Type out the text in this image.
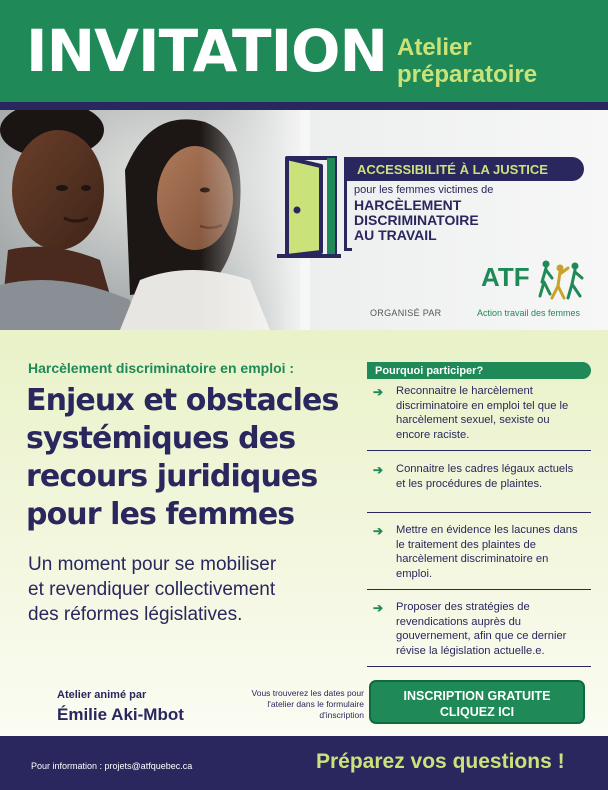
INVITATION Atelier
préparatoire
ACCESSIBILITÉ À LA JUSTICE
pour les femmes victimes de
HARCÈLEMENT
DISCRIMINATOIRE
AU TRAVAIL
ORGANISÉ PAR
ATF
Action travail des femmes
Harcèlement discriminatoire en emploi :
Enjeux et obstacles
systémiques des
recours juridiques
pour les femmes
Un moment pour se mobiliser
et revendiquer collectivement
des réformes législatives.
Pourquoi participer?
➔ Reconnaitre le harcèlement discriminatoire en emploi tel que le harcèlement sexuel, sexiste ou encore raciste.
➔ Connaitre les cadres légaux actuels et les procédures de plaintes.
➔ Mettre en évidence les lacunes dans le traitement des plaintes de harcèlement discriminatoire en emploi.
➔ Proposer des stratégies de revendications auprès du gouvernement, afin que ce dernier révise la législation actuelle.e.
Atelier animé par
Émilie Aki-Mbot
Vous trouverez les dates pour l'atelier dans le formulaire d'inscription
INSCRIPTION GRATUITE
CLIQUEZ ICI
Pour information : projets@atfquebec.ca	Préparez vos questions !
